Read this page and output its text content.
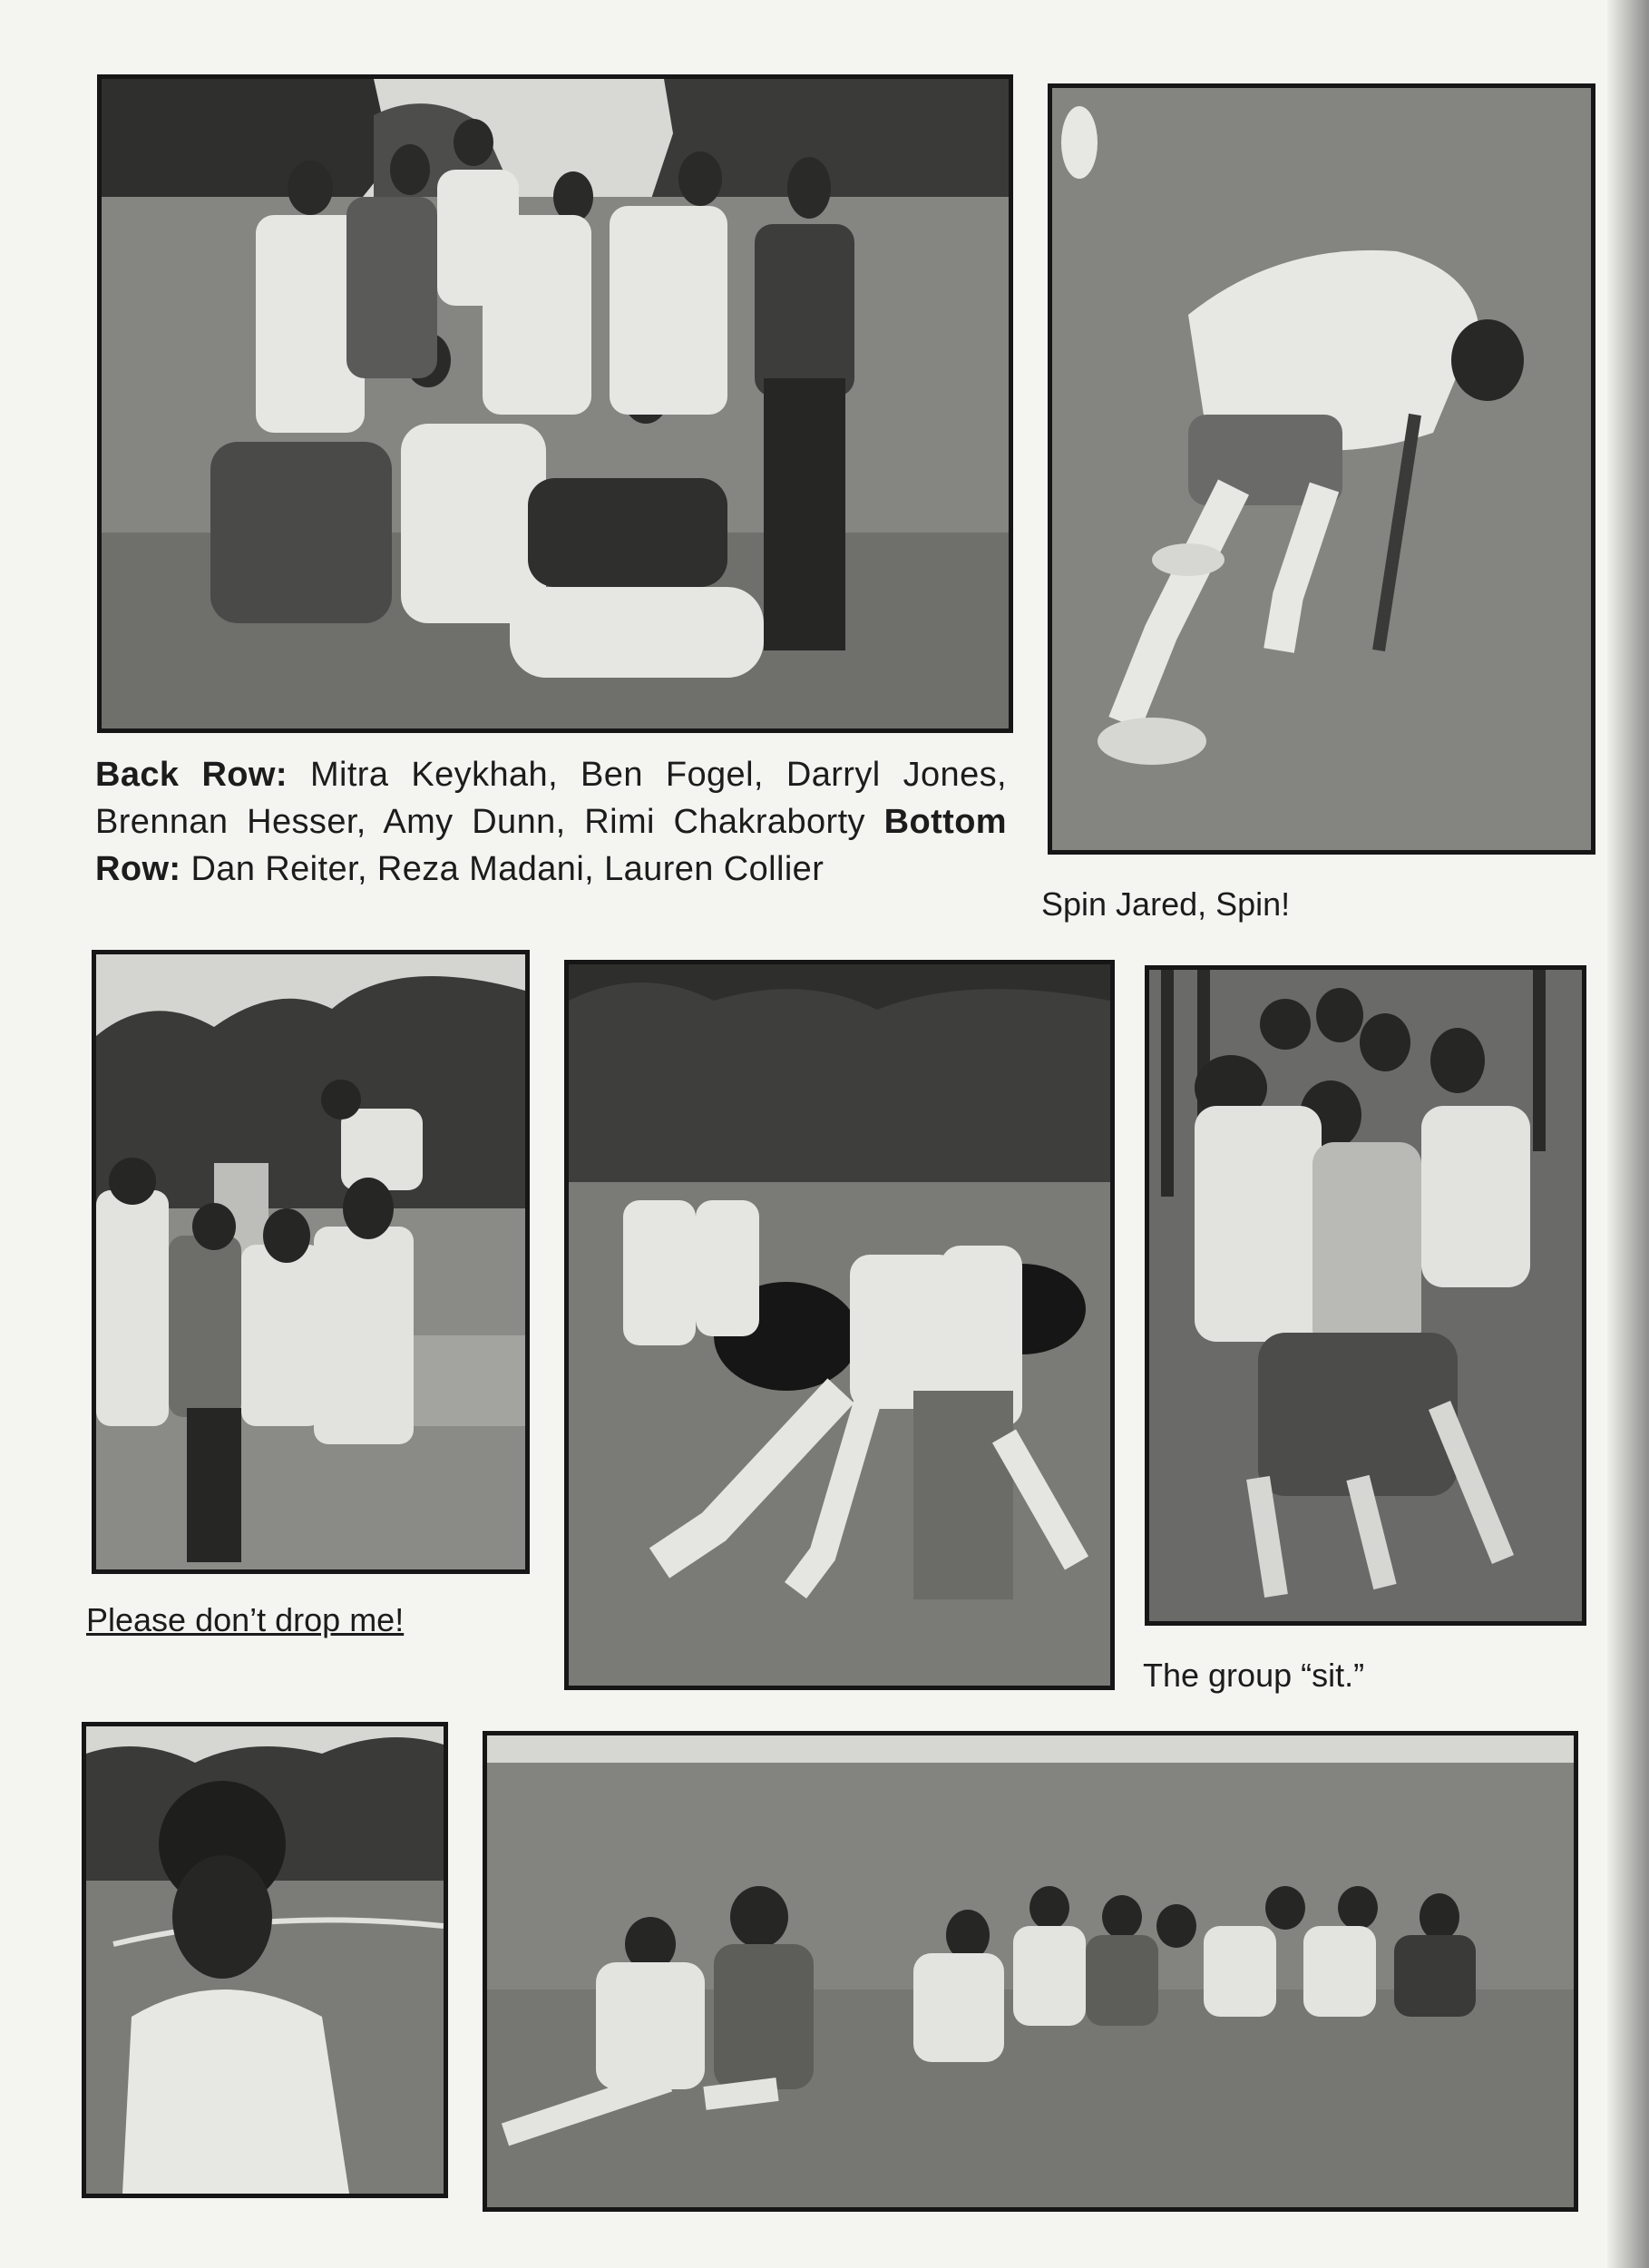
Back Row: Mitra Keykhah, Ben Fogel, Darryl Jones, Brennan Hesser, Amy Dunn, Rimi Chakraborty Bottom Row: Dan Reiter, Reza Madani, Lauren Collier
Spin Jared, Spin!
Please don’t drop me!
The group “sit.”
